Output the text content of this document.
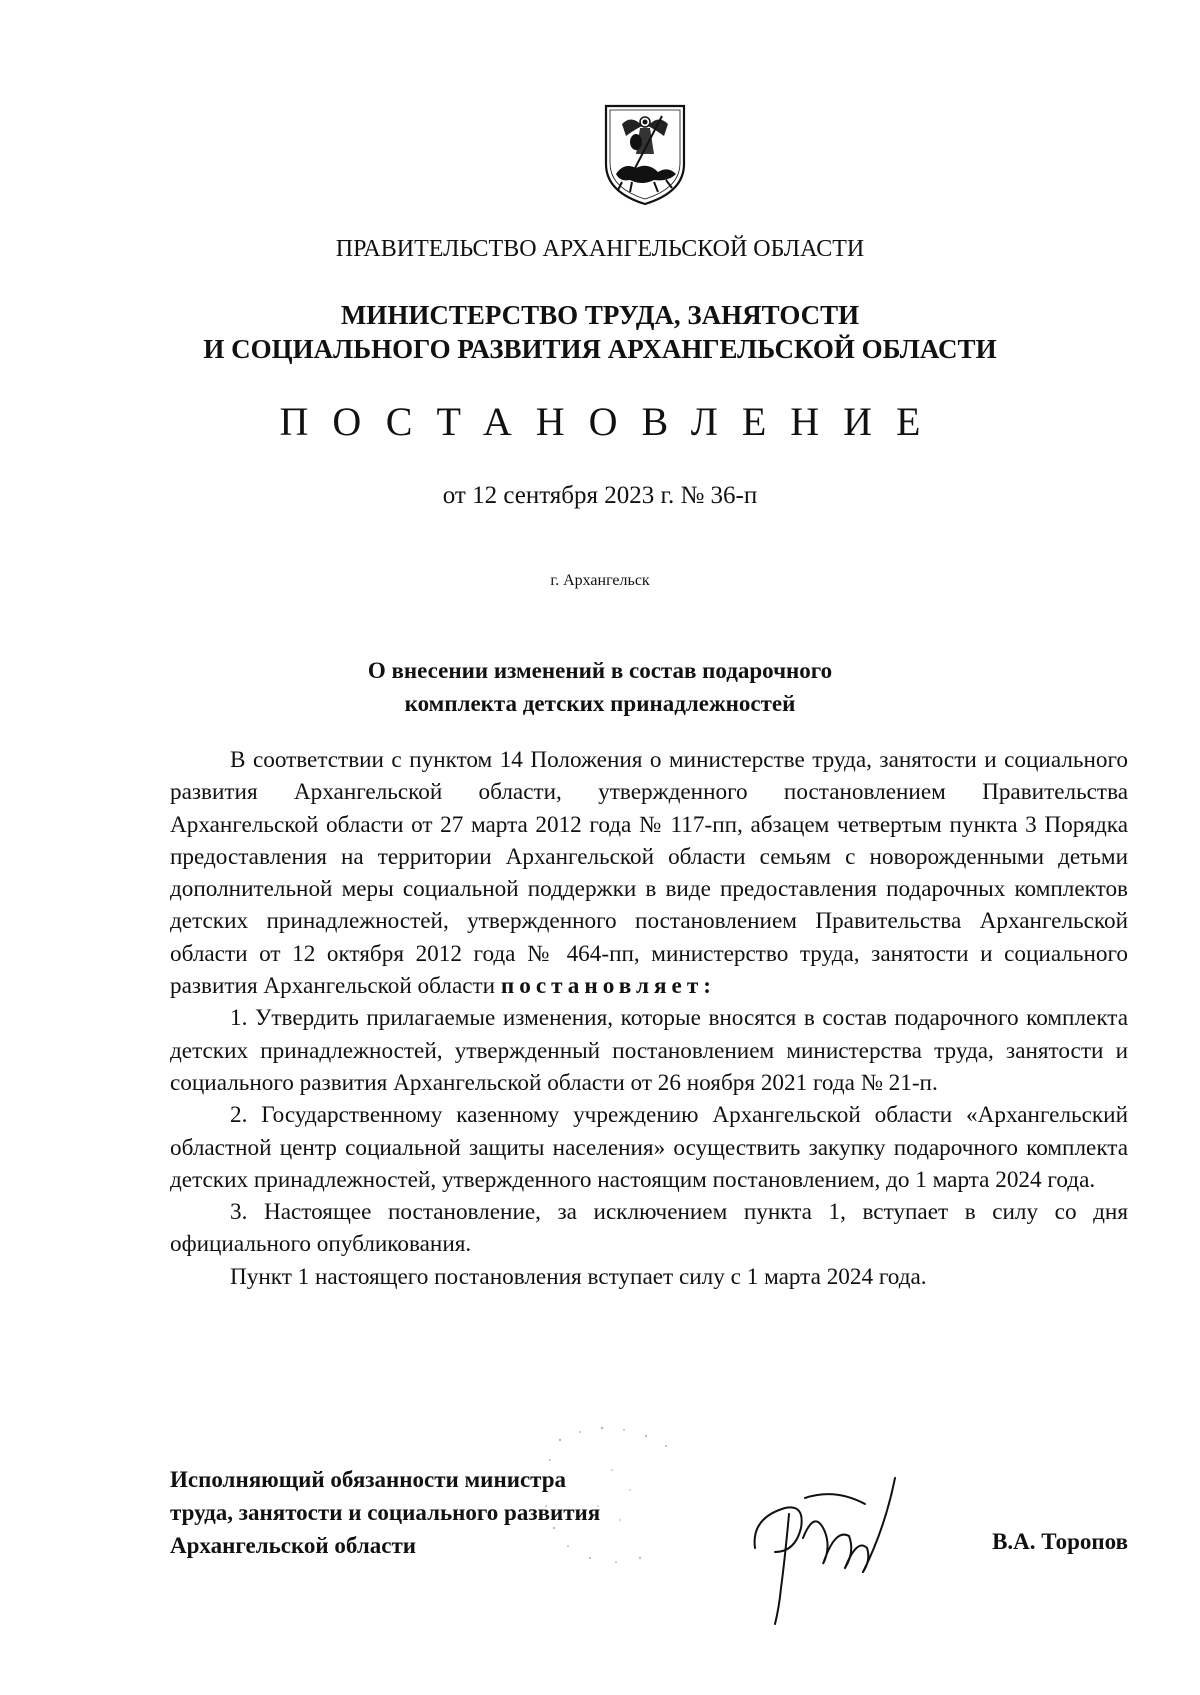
ПРАВИТЕЛЬСТВО АРХАНГЕЛЬСКОЙ ОБЛАСТИ
МИНИСТЕРСТВО ТРУДА, ЗАНЯТОСТИ
И СОЦИАЛЬНОГО РАЗВИТИЯ АРХАНГЕЛЬСКОЙ ОБЛАСТИ
ПОСТАНОВЛЕНИЕ
от 12 сентября 2023 г. № 36-п
г. Архангельск
О внесении изменений в состав подарочного
комплекта детских принадлежностей

В соответствии с пунктом 14 Положения о министерстве труда, занятости и социального развития Архангельской области, утвержденного постановлением Правительства Архангельской области от 27 марта 2012 года № 117-пп, абзацем четвертым пункта 3 Порядка предоставления на территории Архангельской области семьям с новорожденными детьми дополнительной меры социальной поддержки в виде предоставления подарочных комплектов детских принадлежностей, утвержденного постановлением Правительства Архангельской области от 12 октября 2012 года № 464-пп, министерство труда, занятости и социального развития Архангельской области постановляет:

1. Утвердить прилагаемые изменения, которые вносятся в состав подарочного комплекта детских принадлежностей, утвержденный постановлением министерства труда, занятости и социального развития Архангельской области от 26 ноября 2021 года № 21-п.

2. Государственному казенному учреждению Архангельской области «Архангельский областной центр социальной защиты населения» осуществить закупку подарочного комплекта детских принадлежностей, утвержденного настоящим постановлением, до 1 марта 2024 года.

3. Настоящее постановление, за исключением пункта 1, вступает в силу со дня официального опубликования.

Пункт 1 настоящего постановления вступает силу с 1 марта 2024 года.

Исполняющий обязанности министра
труда, занятости и социального развития
Архангельской области	В.А. Торопов
